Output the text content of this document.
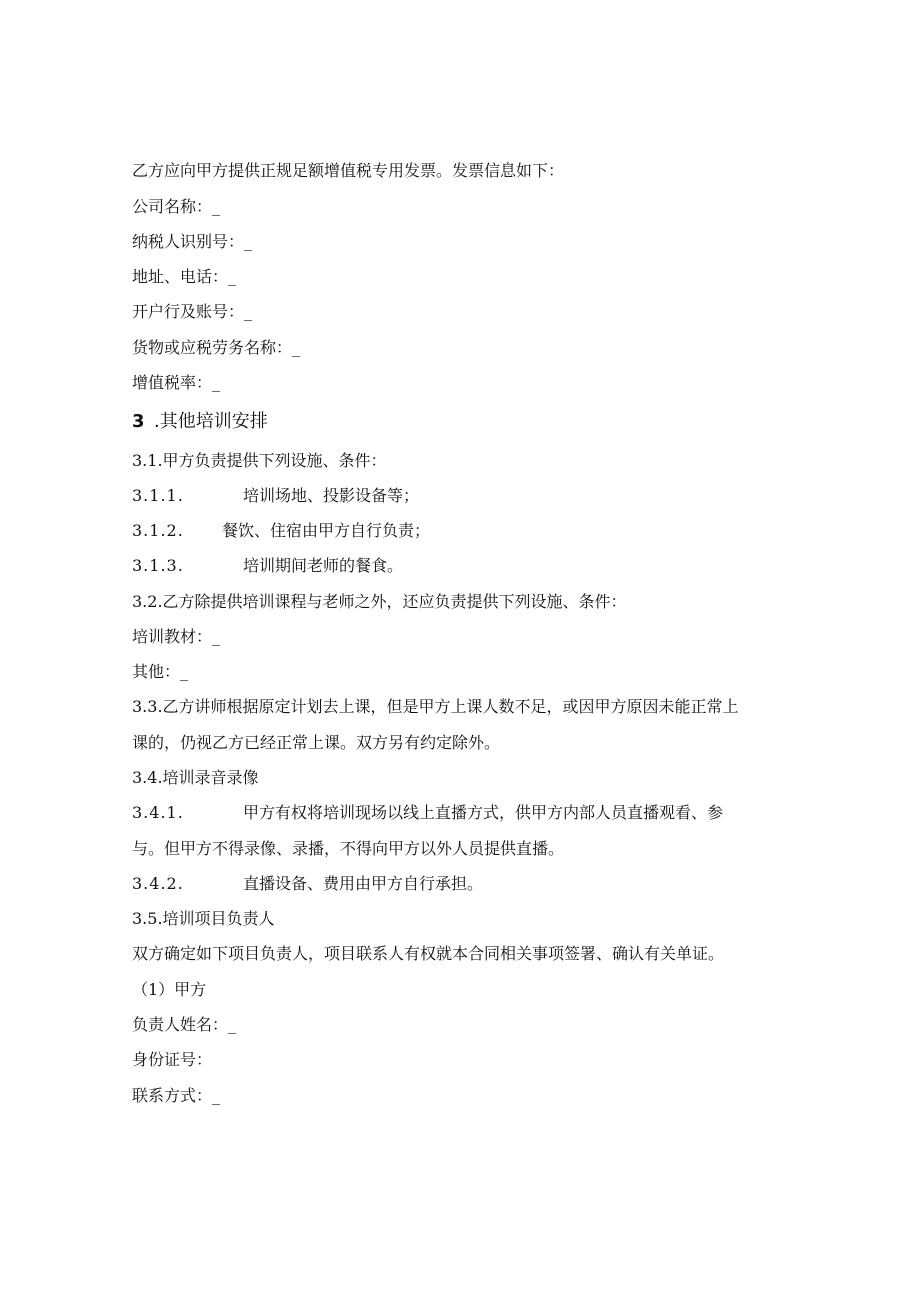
乙方应向甲方提供正规足额增值税专用发票。发票信息如下：
公司名称：_
纳税人识别号：_
地址、电话：_
开户行及账号：_
货物或应税劳务名称：_
增值税率：_
3 .其他培训安排
3.1.甲方负责提供下列设施、条件：
3.1.1.	培训场地、投影设备等；
3.1.2. 餐饮、住宿由甲方自行负责；
3.1.3.	培训期间老师的餐食。
3.2.乙方除提供培训课程与老师之外，还应负责提供下列设施、条件：
培训教材：_
其他：_
3.3.乙方讲师根据原定计划去上课，但是甲方上课人数不足，或因甲方原因未能正常上
课的，仍视乙方已经正常上课。双方另有约定除外。
3.4.培训录音录像
3.4.1.	甲方有权将培训现场以线上直播方式，供甲方内部人员直播观看、参
与。但甲方不得录像、录播，不得向甲方以外人员提供直播。
3.4.2.	直播设备、费用由甲方自行承担。
3.5.培训项目负责人
双方确定如下项目负责人，项目联系人有权就本合同相关事项签署、确认有关单证。
（1）甲方
负责人姓名：_
身份证号：
联系方式：_
